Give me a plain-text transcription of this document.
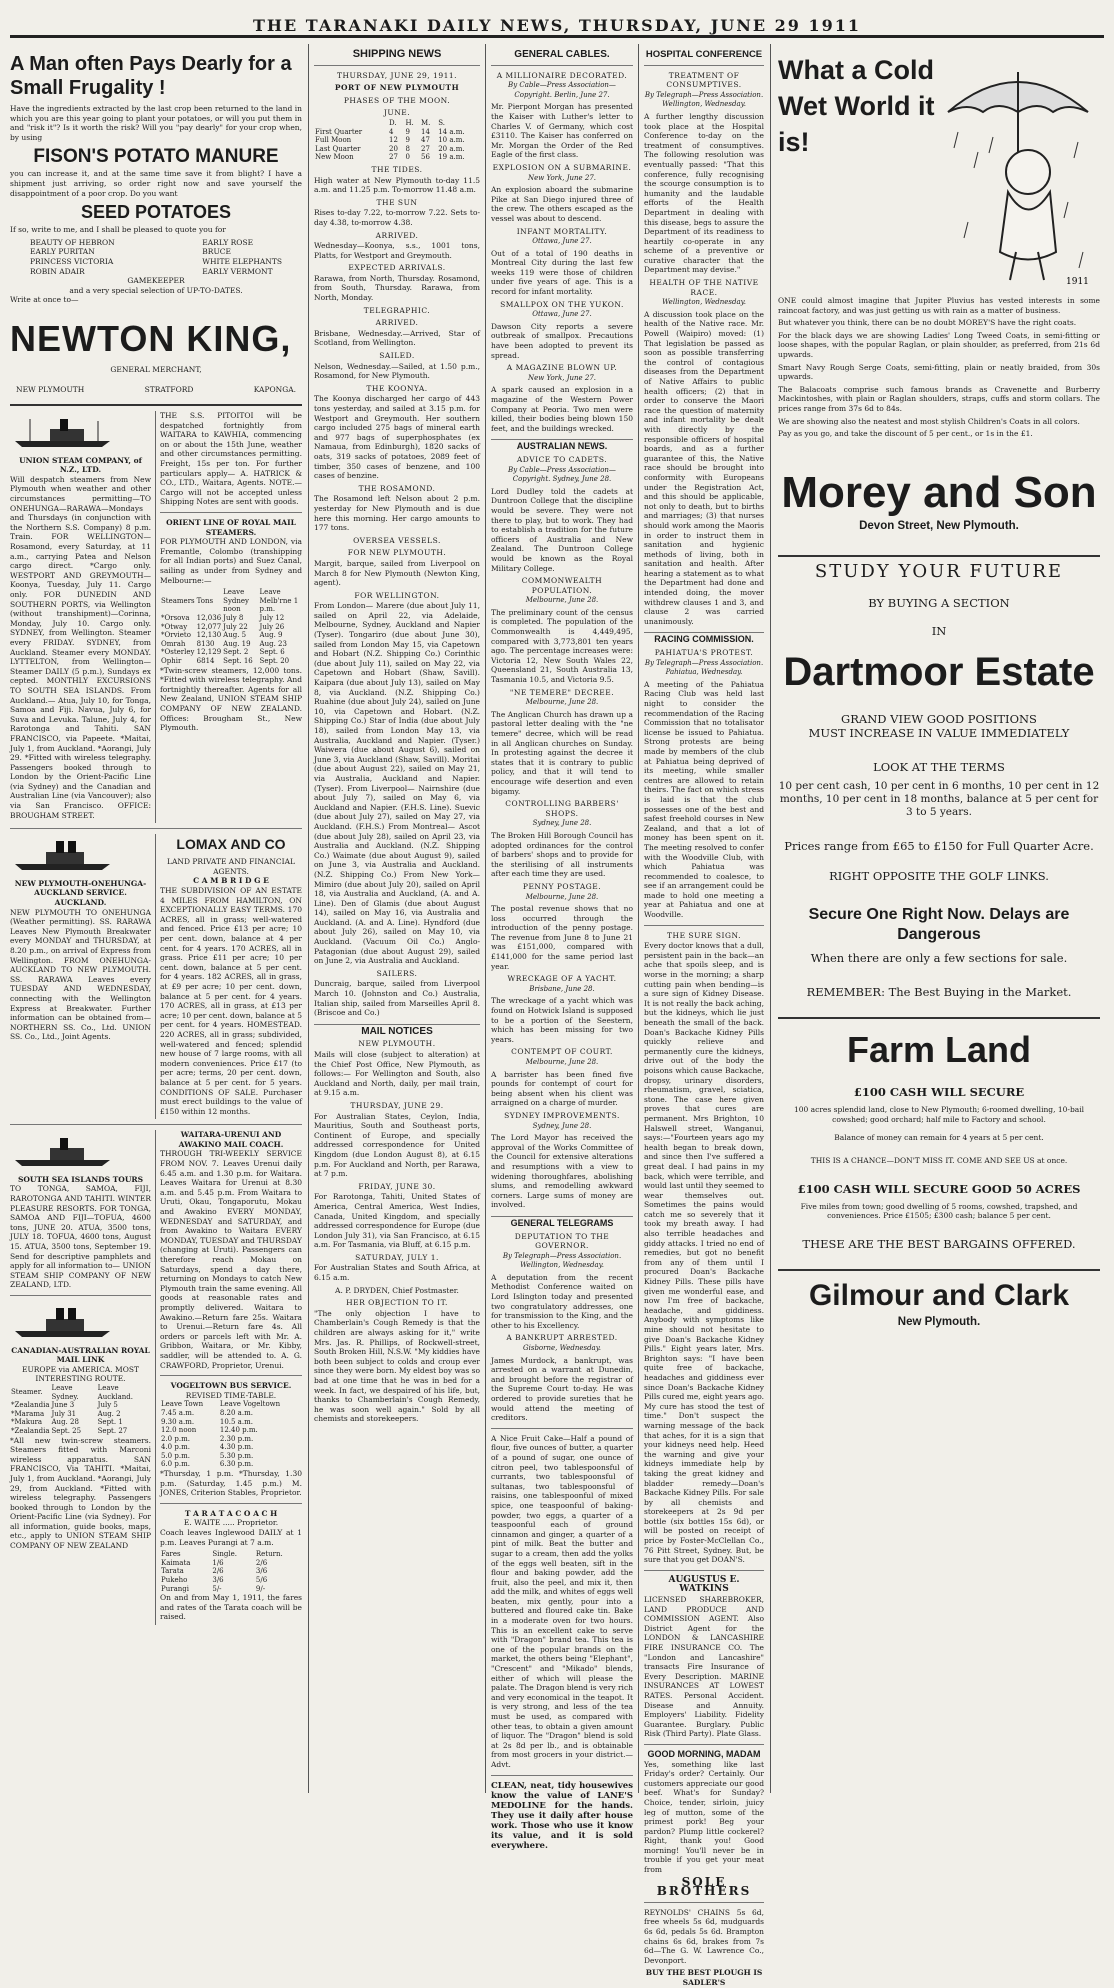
THE TARANAKI DAILY NEWS, THURSDAY, JUNE 29 1911
A Man often Pays Dearly for a
Small Frugality !

Have the ingredients extracted by the last crop been returned to the land in which you are this year going to plant your potatoes, or will you put them in and "risk it"? Is it worth the risk? Will you "pay dearly" for your crop when, by using

FISON'S POTATO MANURE

you can increase it, and at the same time save it from blight? I have a shipment just arriving, so order right now and save yourself the disappointment of a poor crop. Do you want

SEED POTATOES

If so, write to me, and I shall be pleased to quote you for

BEAUTY OF HEBRON
EARLY PURITAN
PRINCESS VICTORIA
ROBIN ADAIR
EARLY ROSE
BRUCE
WHITE ELEPHANTS
EARLY VERMONT
GAMEKEEPER
and a very special selection of UP-TO-DATES.
Write at once to—
NEWTON KING,
GENERAL MERCHANT,
NEW PLYMOUTH	STRATFORD	KAPONGA.
UNION STEAM COMPANY, of N.Z., LTD.

Will despatch steamers from New Plymouth when weather and other circumstances permitting—TO ONEHUNGA—RARAWA—Mondays and Thursdays (in conjunction with the Northern S.S. Company) 8 p.m. Train. FOR WELLINGTON—Rosamond, every Saturday, at 11 a.m., carrying Patea and Nelson cargo direct. *Cargo only. WESTPORT AND GREYMOUTH—Koonya, Tuesday, July 11. Cargo only. FOR DUNEDIN AND SOUTHERN PORTS, via Wellington (without transhipment)—Corinna, Monday, July 10. Cargo only. SYDNEY, from Wellington. Steamer every FRIDAY. SYDNEY, from Auckland. Steamer every MONDAY. LYTTELTON, from Wellington—Steamer DAILY (5 p.m.), Sundays ex cepted. MONTHLY EXCURSIONS TO SOUTH SEA ISLANDS. From Auckland.— Atua, July 10, for Tonga, Samoa and Fiji. Navua, July 6, for Suva and Levuka. Talune, July 4, for Rarotonga and Tahiti. SAN FRANCISCO, via Papeete. *Maitai, July 1, from Auckland. *Aorangi, July 29. *Fitted with wireless telegraphy. Passengers booked through to London by the Orient-Pacific Line (via Sydney) and the Canadian and Australian Line (via Vancouver); also via San Francisco. OFFICE: BROUGHAM STREET.

THE S.S. PITOITOI will be despatched fortnightly from WAITARA to KAWHIA, commencing on or about the 15th June, weather and other circumstances permitting. Freight, 15s per ton. For further particulars apply— A. HATRICK & CO., LTD., Waitara, Agents. NOTE.—Cargo will not be accepted unless Shipping Notes are sent with goods.

ORIENT LINE OF ROYAL MAIL STEAMERS.

FOR PLYMOUTH AND LONDON, via Fremantle, Colombo (transhipping for all Indian ports) and Suez Canal, sailing as under from Sydney and Melbourne:—

Steamers	Tons	Leave Sydney noon	Leave Melb'rne 1 p.m.
*Orsova	12,036	July 8	July 12
*Otway	12,077	July 22	July 26
*Orvieto	12,130	Aug. 5	Aug. 9
Omrah	8130	Aug. 19	Aug. 23
*Osterley	12,129	Sept. 2	Sept. 6
Ophir	6814	Sept. 16	Sept. 20

*Twin-screw steamers, 12,000 tons. *Fitted with wireless telegraphy. And fortnightly thereafter. Agents for all New Zealand, UNION STEAM SHIP COMPANY OF NEW ZEALAND. Offices: Brougham St., New Plymouth.

NEW PLYMOUTH-ONEHUNGA-AUCKLAND SERVICE. AUCKLAND.

NEW PLYMOUTH TO ONEHUNGA (Weather permitting). SS. RARAWA Leaves New Plymouth Breakwater every MONDAY and THURSDAY, at 8.20 p.m., on arrival of Express from Wellington. FROM ONEHUNGA-AUCKLAND TO NEW PLYMOUTH. SS. RARAWA Leaves every TUESDAY AND WEDNESDAY, connecting with the Wellington Express at Breakwater. Further information can be obtained from— NORTHERN SS. Co., Ltd. UNION SS. Co., Ltd., Joint Agents.

LOMAX AND CO
LAND PRIVATE AND FINANCIAL AGENTS.
C A M B R I D G E

THE SUBDIVISION OF AN ESTATE 4 MILES FROM HAMILTON, ON EXCEPTIONALLY EASY TERMS. 170 ACRES, all in grass; well-watered and fenced. Price £13 per acre; 10 per cent. down, balance at 4 per cent. for 4 years. 170 ACRES, all in grass. Price £11 per acre; 10 per cent. down, balance at 5 per cent. for 4 years. 182 ACRES, all in grass, at £9 per acre; 10 per cent. down, balance at 5 per cent. for 4 years. 170 ACRES, all in grass, at £13 per acre; 10 per cent. down, balance at 5 per cent. for 4 years. HOMESTEAD. 220 ACRES, all in grass; subdivided, well-watered and fenced; splendid new house of 7 large rooms, with all modern conveniences. Price £17 (to per acre; terms, 20 per cent. down, balance at 5 per cent. for 5 years. CONDITIONS OF SALE. Purchaser must erect buildings to the value of £150 within 12 months.

SOUTH SEA ISLANDS TOURS

TO TONGA, SAMOA, FIJI, RAROTONGA AND TAHITI. WINTER PLEASURE RESORTS. FOR TONGA, SAMOA AND FIJI—TOFUA, 4600 tons, JUNE 20. ATUA, 3500 tons, JULY 18. TOFUA, 4600 tons, August 15. ATUA, 3500 tons, September 19. Send for descriptive pamphlets and apply for all information to— UNION STEAM SHIP COMPANY OF NEW ZEALAND, LTD.

CANADIAN-AUSTRALIAN ROYAL MAIL LINK
EUROPE via AMERICA. MOST INTERESTING ROUTE.
Steamer.	Leave Sydney.	Leave Auckland.
*Zealandia	June 3	July 5
*Marama	July 31	Aug. 2
*Makura	Aug. 28	Sept. 1
*Zealandia	Sept. 25	Sept. 27

*All new twin-screw steamers. Steamers fitted with Marconi wireless apparatus. SAN FRANCISCO, Via TAHITI. *Maitai, July 1, from Auckland. *Aorangi, July 29, from Auckland. *Fitted with wireless telegraphy. Passengers booked through to London by the Orient-Pacific Line (via Sydney). For all information, guide books, maps, etc., apply to UNION STEAM SHIP COMPANY OF NEW ZEALAND

WAITARA-URENUI AND AWAKINO MAIL COACH.

THROUGH TRI-WEEKLY SERVICE FROM NOV. 7. Leaves Urenui daily 6.45 a.m. and 1.30 p.m. for Waitara. Leaves Waitara for Urenui at 8.30 a.m. and 5.45 p.m. From Waitara to Uruti, Okau, Tongaporutu, Mokau and Awakino EVERY MONDAY, WEDNESDAY and SATURDAY, and from Awakino to Waitara EVERY MONDAY, TUESDAY and THURSDAY (changing at Uruti). Passengers can therefore reach Mokau on Saturdays, spend a day there, returning on Mondays to catch New Plymouth train the same evening. All goods at reasonable rates and promptly delivered. Waitara to Awakino.—Return fare 25s. Waitara to Urenui.—Return fare 4s. All orders or parcels left with Mr. A. Gribbon, Waitara, or Mr. Kibby, saddler, will be attended to. A. G. CRAWFORD, Proprietor, Urenui.

VOGELTOWN BUS SERVICE.
REVISED TIME-TABLE.
Leave Town	Leave Vogeltown
7.45 a.m.	8.20 a.m.
9.30 a.m.	10.5 a.m.
12.0 noon	12.40 p.m.
2.0 p.m.	2.30 p.m.
4.0 p.m.	4.30 p.m.
5.0 p.m.	5.30 p.m.
6.0 p.m.	6.30 p.m.

*Thursday, 1 p.m. *Thursday, 1.30 p.m. (Saturday, 1.45 p.m.) M. JONES, Criterion Stables, Proprietor.

T A R A T A C O A C H
E. WAITE ..... Proprietor.

Coach leaves Inglewood DAILY at 1 p.m. Leaves Purangi at 7 a.m.

Fares	Single.	Return.
Kaimata	1/6	2/6
Tarata	2/6	3/6
Pukeho	3/6	5/6
Purangi	5/-	9/-

On and from May 1, 1911, the fares and rates of the Tarata coach will be raised.

SHIPPING NEWS
THURSDAY, JUNE 29, 1911.
PORT OF NEW PLYMOUTH
PHASES OF THE MOON.
JUNE.
	D.	H.	M.	S.
First Quarter	4	9	14	14 a.m.
Full Moon	12	9	47	10 a.m.
Last Quarter	20	8	27	20 a.m.
New Moon	27	0	56	19 a.m.
THE TIDES.

High water at New Plymouth to-day 11.5 a.m. and 11.25 p.m. To-morrow 11.48 a.m.

THE SUN

Rises to-day 7.22, to-morrow 7.22. Sets to-day 4.38, to-morrow 4.38.

ARRIVED.

Wednesday—Koonya, s.s., 1001 tons, Platts, for Westport and Greymouth.

EXPECTED ARRIVALS.

Rarawa, from North, Thursday. Rosamond, from South, Thursday. Rarawa, from North, Monday.

TELEGRAPHIC.
ARRIVED.

Brisbane, Wednesday.—Arrived, Star of Scotland, from Wellington.

SAILED.

Nelson, Wednesday.—Sailed, at 1.50 p.m., Rosamond, for New Plymouth.

THE KOONYA.

The Koonya discharged her cargo of 443 tons yesterday, and sailed at 3.15 p.m. for Westport and Greymouth. Her southern cargo included 275 bags of mineral earth and 977 bags of superphosphates (ex Namaua, from Edinburgh), 1820 sacks of oats, 319 sacks of potatoes, 2089 feet of timber, 350 cases of benzene, and 100 cases of benzine.

THE ROSAMOND.

The Rosamond left Nelson about 2 p.m. yesterday for New Plymouth and is due here this morning. Her cargo amounts to 177 tons.

OVERSEA VESSELS.
FOR NEW PLYMOUTH.

Margit, barque, sailed from Liverpool on March 8 for New Plymouth (Newton King, agent).

FOR WELLINGTON.

From London— Marere (due about July 11, sailed on April 22, via Adelaide, Melbourne, Sydney, Auckland and Napier (Tyser). Tongariro (due about June 30), sailed from London May 15, via Capetown and Hobart (N.Z. Shipping Co.) Corinthic (due about July 11), sailed on May 22, via Capetown and Hobart (Shaw, Savill). Kaipara (due about July 13), sailed on May 8, via Auckland. (N.Z. Shipping Co.) Ruahine (due about July 24), sailed on June 10, via Capetown and Hobart. (N.Z. Shipping Co.) Star of India (due about July 18), sailed from London May 13, via Australia, Auckland and Napier. (Tyser.) Waiwera (due about August 6), sailed on June 3, via Auckland (Shaw, Savill). Moritai (due about August 22), sailed on May 21, via Australia, Auckland and Napier. (Tyser). From Liverpool— Nairnshire (due about July 7), sailed on May 6, via Auckland and Napier. (F.H.S. Line). Suevic (due about July 27), sailed on May 27, via Auckland. (F.H.S.) From Montreal— Ascot (due about July 28), sailed on April 23, via Australia and Auckland. (N.Z. Shipping Co.) Waimate (due about August 9), sailed on June 3, via Australia and Auckland. (N.Z. Shipping Co.) From New York— Mimiro (due about July 20), sailed on April 18, via Australia and Auckland, (A. and A. Line). Den of Glamis (due about August 14), sailed on May 16, via Australia and Auckland. (A. and A. Line). Hyndford (due about July 26), sailed on May 10, via Auckland. (Vacuum Oil Co.) Anglo-Patagonian (due about August 29), sailed on June 2, via Australia and Auckland.

SAILERS.

Duncraig, barque, sailed from Liverpool March 10. (Johnston and Co.) Australia, Italian ship, sailed from Marseilles April 8. (Briscoe and Co.)

MAIL NOTICES
NEW PLYMOUTH.

Mails will close (subject to alteration) at the Chief Post Office, New Plymouth, as follows:— For Wellington and South, also Auckland and North, daily, per mail train, at 9.15 a.m.

THURSDAY, JUNE 29.

For Australian States, Ceylon, India, Mauritius, South and Southeast ports, Continent of Europe, and specially addressed correspondence for United Kingdom (due London August 8), at 6.15 p.m. For Auckland and North, per Rarawa, at 7 p.m.

FRIDAY, JUNE 30.

For Rarotonga, Tahiti, United States of America, Central America, West Indies, Canada, United Kingdom, and specially addressed correspondence for Europe (due London July 31), via San Francisco, at 6.15 a.m. For Tasmania, via Bluff, at 6.15 p.m.

SATURDAY, JULY 1.

For Australian States and South Africa, at 6.15 a.m.

A. P. DRYDEN, Chief Postmaster.
HER OBJECTION TO IT.

"The only objection I have to Chamberlain's Cough Remedy is that the children are always asking for it," write Mrs. Jas. R. Phillips, of Rockwell-street, South Broken Hill, N.S.W. "My kiddies have both been subject to colds and croup ever since they were born. My eldest boy was so bad at one time that he was in bed for a week. In fact, we despaired of his life, but, thanks to Chamberlain's Cough Remedy, he was soon well again." Sold by all chemists and storekeepers.

GENERAL CABLES.
A MILLIONAIRE DECORATED.
By Cable—Press Association—Copyright. Berlin, June 27.

Mr. Pierpont Morgan has presented the Kaiser with Luther's letter to Charles V. of Germany, which cost £3110. The Kaiser has conferred on Mr. Morgan the Order of the Red Eagle of the first class.

EXPLOSION ON A SUBMARINE.
New York, June 27.

An explosion aboard the submarine Pike at San Diego injured three of the crew. The others escaped as the vessel was about to descend.

INFANT MORTALITY.
Ottawa, June 27.

Out of a total of 190 deaths in Montreal City during the last few weeks 119 were those of children under five years of age. This is a record for infant mortality.

SMALLPOX ON THE YUKON.
Ottawa, June 27.

Dawson City reports a severe outbreak of smallpox. Precautions have been adopted to prevent its spread.

A MAGAZINE BLOWN UP.
New York, June 27.

A spark caused an explosion in a magazine of the Western Power Company at Peoria. Two men were killed, their bodies being blown 150 feet, and the buildings wrecked.

AUSTRALIAN NEWS.
ADVICE TO CADETS.
By Cable—Press Association—Copyright. Sydney, June 28.

Lord Dudley told the cadets at Duntroon College that the discipline would be severe. They were not there to play, but to work. They had to establish a tradition for the future officers of Australia and New Zealand. The Duntroon College would be known as the Royal Military College.

COMMONWEALTH POPULATION.
Melbourne, June 28.

The preliminary count of the census is completed. The population of the Commonwealth is 4,449,495, compared with 3,773,801 ten years ago. The percentage increases were: Victoria 12, New South Wales 22, Queensland 21, South Australia 13, Tasmania 10.5, and Victoria 9.5.

"NE TEMERE" DECREE.
Melbourne, June 28.

The Anglican Church has drawn up a pastoral letter dealing with the "ne temere" decree, which will be read in all Anglican churches on Sunday. In protesting against the decree it states that it is contrary to public policy, and that it will tend to encourage wife desertion and even bigamy.

CONTROLLING BARBERS' SHOPS.
Sydney, June 28.

The Broken Hill Borough Council has adopted ordinances for the control of barbers' shops and to provide for the sterilising of all instruments after each time they are used.

PENNY POSTAGE.
Melbourne, June 28.

The postal revenue shows that no loss occurred through the introduction of the penny postage. The revenue from June 8 to June 21 was £151,000, compared with £141,000 for the same period last year.

WRECKAGE OF A YACHT.
Brisbane, June 28.

The wreckage of a yacht which was found on Hotwick Island is supposed to be a portion of the Seestern, which has been missing for two years.

CONTEMPT OF COURT.
Melbourne, June 28.

A barrister has been fined five pounds for contempt of court for being absent when his client was arraigned on a charge of murder.

SYDNEY IMPROVEMENTS.
Sydney, June 28.

The Lord Mayor has received the approval of the Works Committee of the Council for extensive alterations and resumptions with a view to widening thoroughfares, abolishing slums, and remodelling awkward corners. Large sums of money are involved.

GENERAL TELEGRAMS
DEPUTATION TO THE GOVERNOR.
By Telegraph—Press Association. Wellington, Wednesday.

A deputation from the recent Methodist Conference waited on Lord Islington today and presented two congratulatory addresses, one for transmission to the King, and the other to his Excellency.

A BANKRUPT ARRESTED.
Gisborne, Wednesday.

James Murdock, a bankrupt, was arrested on a warrant at Dunedin, and brought before the registrar of the Supreme Court to-day. He was ordered to provide sureties that he would attend the meeting of creditors.

A Nice Fruit Cake—Half a pound of flour, five ounces of butter, a quarter of a pound of sugar, one ounce of citron peel, two tablespoonsful of currants, two tablespoonsful of sultanas, two tablespoonsful of raisins, one tablespoonful of mixed spice, one teaspoonful of baking-powder, two eggs, a quarter of a teaspoonful each of ground cinnamon and ginger, a quarter of a pint of milk. Beat the butter and sugar to a cream, then add the yolks of the eggs well beaten, sift in the flour and baking powder, add the fruit, also the peel, and mix it, then add the milk, and whites of eggs well beaten, mix gently, pour into a buttered and floured cake tin. Bake in a moderate oven for two hours. This is an excellent cake to serve with "Dragon" brand tea. This tea is one of the popular brands on the market, the others being "Elephant", "Crescent" and "Mikado" blends, either of which will please the palate. The Dragon blend is very rich and very economical in the teapot. It is very strong, and less of the tea must be used, as compared with other teas, to obtain a given amount of liquor. The "Dragon" blend is sold at 2s 8d per lb., and is obtainable from most grocers in your district.—Advt.

CLEAN, neat, tidy housewives know the value of LANE'S MEDOLINE for the hands. They use it daily after house work. Those who use it know its value, and it is sold everywhere.

HOSPITAL CONFERENCE
TREATMENT OF CONSUMPTIVES.
By Telegraph—Press Association. Wellington, Wednesday.

A further lengthy discussion took place at the Hospital Conference to-day on the treatment of consumptives. The following resolution was eventually passed: "That this conference, fully recognising the scourge consumption is to humanity and the laudable efforts of the Health Department in dealing with this disease, begs to assure the Department of its readiness to heartily co-operate in any scheme of a preventive or curative character that the Department may devise."

HEALTH OF THE NATIVE RACE.
Wellington, Wednesday.

A discussion took place on the health of the Native race. Mr. Powell (Waipiro) moved: (1) That legislation be passed as soon as possible transferring the control of contagious diseases from the Department of Native Affairs to public health officers; (2) that in order to conserve the Maori race the question of maternity and infant mortality be dealt with directly by the responsible officers of hospital boards, and as a further guarantee of this, the Native race should be brought into conformity with Europeans under the Registration Act, and this should be applicable, not only to death, but to births and marriages; (3) that nurses should work among the Maoris in order to instruct them in sanitation and hygienic methods of living, both in sanitation and health. After hearing a statement as to what the Department had done and intended doing, the mover withdrew clauses 1 and 3, and clause 2 was carried unanimously.

RACING COMMISSION.
PAHIATUA'S PROTEST.
By Telegraph—Press Association. Pahiatua, Wednesday.

A meeting of the Pahiatua Racing Club was held last night to consider the recommendation of the Racing Commission that no totalisator license be issued to Pahiatua. Strong protests are being made by members of the club at Pahiatua being deprived of its meeting, while smaller centres are allowed to retain theirs. The fact on which stress is laid is that the club possesses one of the best and safest freehold courses in New Zealand, and that a lot of money has been spent on it. The meeting resolved to confer with the Woodville Club, with which Pahiatua was recommended to coalesce, to see if an arrangement could be made to hold one meeting a year at Pahiatua and one at Woodville.

THE SURE SIGN.

Every doctor knows that a dull, persistent pain in the back—an ache that spoils sleep, and is worse in the morning; a sharp cutting pain when bending—is a sure sign of Kidney Disease. It is not really the back aching, but the kidneys, which lie just beneath the small of the back. Doan's Backache Kidney Pills quickly relieve and permanently cure the kidneys, drive out of the body the poisons which cause Backache, dropsy, urinary disorders, rheumatism, gravel, sciatica, stone. The case here given proves that cures are permanent. Mrs Brighton, 10 Halswell street, Wanganui, says:—"Fourteen years ago my health began to break down, and since then I've suffered a great deal. I had pains in my back, which were terrible, and would last until they seemed to wear themselves out. Sometimes the pains would catch me so severely that it took my breath away. I had also terrible headaches and giddy attacks. I tried no end of remedies, but got no benefit from any of them until I procured Doan's Backache Kidney Pills. These pills have given me wonderful ease, and now I'm free of backache, headache, and giddiness. Anybody with symptoms like mine should not hesitate to give Doan's Backache Kidney Pills." Eight years later, Mrs. Brighton says: "I have been quite free of backache, headaches and giddiness ever since Doan's Backache Kidney Pills cured me, eight years ago. My cure has stood the test of time." Don't suspect the warning message of the back that aches, for it is a sign that your kidneys need help. Heed the warning and give your kidneys immediate help by taking the great kidney and bladder remedy—Doan's Backache Kidney Pills. For sale by all chemists and storekeepers at 2s 9d per bottle (six bottles 15s 6d), or will be posted on receipt of price by Foster-McClellan Co., 76 Pitt Street, Sydney. But, be sure that you get DOAN'S.

AUGUSTUS E. WATKINS

LICENSED SHAREBROKER, LAND PRODUCE AND COMMISSION AGENT. Also District Agent for the LONDON & LANCASHIRE FIRE INSURANCE CO. The "London and Lancashire" transacts Fire Insurance of Every Description. MARINE INSURANCES AT LOWEST RATES. Personal Accident. Disease and Annuity. Employers' Liability. Fidelity Guarantee. Burglary. Public Risk (Third Party). Plate Glass.

GOOD MORNING, MADAM

Yes, something like last Friday's order? Certainly. Our customers appreciate our good beef. What's for Sunday? Choice, tender, sirloin, juicy leg of mutton, some of the primest pork! Beg your pardon? Plump little cockerel? Right, thank you! Good morning! You'll never be in trouble if you get your meat from

SOLE BROTHERS

REYNOLDS' CHAINS 5s 6d, free wheels 5s 6d, mudguards 6s 6d, pedals 5s 6d. Brampton chains 6s 6d, brakes from 7s 6d—The G. W. Lawrence Co., Devonport.

BUY THE BEST PLOUGH IS SADLER'S
What a Cold Wet World it is!
1911

ONE could almost imagine that Jupiter Pluvius has vested interests in some raincoat factory, and was just getting us with rain as a matter of business.

But whatever you think, there can be no doubt MOREY'S have the right coats.

For the black days we are showing Ladies' Long Tweed Coats, in semi-fitting or loose shapes, with the popular Raglan, or plain shoulder, as preferred, from 21s 6d upwards.

Smart Navy Rough Serge Coats, semi-fitting, plain or neatly braided, from 30s upwards.

The Balacoats comprise such famous brands as Cravenette and Burberry Mackintoshes, with plain or Raglan shoulders, straps, cuffs and storm collars. The prices range from 37s 6d to 84s.

We are showing also the neatest and most stylish Children's Coats in all colors.

Pay as you go, and take the discount of 5 per cent., or 1s in the £1.

Morey and Son
Devon Street, New Plymouth.
STUDY YOUR FUTURE
BY BUYING A SECTION
IN
Dartmoor Estate
GRAND VIEW GOOD POSITIONS
MUST INCREASE IN VALUE IMMEDIATELY
LOOK AT THE TERMS
10 per cent cash, 10 per cent in 6 months, 10 per cent in 12 months, 10 per cent in 18 months, balance at 5 per cent for 3 to 5 years.
Prices range from £65 to £150 for Full Quarter Acre.
RIGHT OPPOSITE THE GOLF LINKS.
Secure One Right Now. Delays are Dangerous
When there are only a few sections for sale.
REMEMBER: The Best Buying in the Market.
Farm Land
£100 CASH WILL SECURE

100 acres splendid land, close to New Plymouth; 6-roomed dwelling, 10-bail cowshed; good orchard; half mile to Factory and school.

Balance of money can remain for 4 years at 5 per cent.
THIS IS A CHANCE—DON'T MISS IT. COME AND SEE US at once.
£100 CASH WILL SECURE GOOD 50 ACRES

Five miles from town; good dwelling of 5 rooms, cowshed, trapshed, and conveniences. Price £1505; £300 cash; balance 5 per cent.

THESE ARE THE BEST BARGAINS OFFERED.
Gilmour and Clark
New Plymouth.
